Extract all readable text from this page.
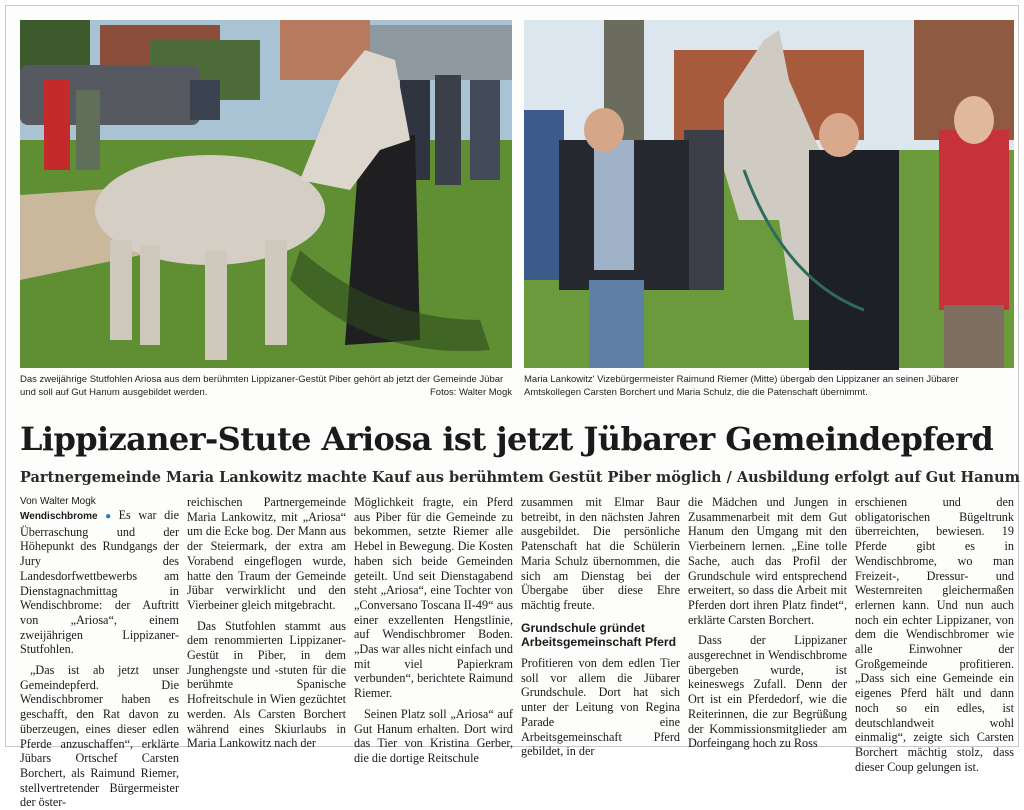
Das zweijährige Stutfohlen Ariosa aus dem berühmten Lippizaner-Gestüt Piber gehört ab jetzt der Gemeinde Jübar und soll auf Gut Hanum ausgebildet werden.	Fotos: Walter Mogk
Maria Lankowitz' Vizebürgermeister Raimund Riemer (Mitte) übergab den Lippizaner an seinen Jübarer Amtskollegen Carsten Borchert und Maria Schulz, die die Patenschaft übernimmt.
Lippizaner-Stute Ariosa ist jetzt Jübarer Gemeindepferd
Partnergemeinde Maria Lankowitz machte Kauf aus berühmtem Gestüt Piber möglich / Ausbildung erfolgt auf Gut Hanum
Von Walter Mogk

Wendischbrome ● Es war die Überraschung und der Höhepunkt des Rundgangs der Jury des Landesdorfwettbewerbs am Dienstagnachmittag in Wendischbrome: der Auftritt von „Ariosa“, einem zweijährigen Lippizaner-Stutfohlen.

„Das ist ab jetzt unser Gemeindepferd. Die Wendischbromer haben es geschafft, den Rat davon zu überzeugen, eines dieser edlen Pferde anzuschaffen“, erklärte Jübars Ortschef Carsten Borchert, als Raimund Riemer, stellvertretender Bürgermeister der öster-

reichischen Partnergemeinde Maria Lankowitz, mit „Ariosa“ um die Ecke bog. Der Mann aus der Steiermark, der extra am Vorabend eingeflogen wurde, hatte den Traum der Gemeinde Jübar verwirklicht und den Vierbeiner gleich mitgebracht.

Das Stutfohlen stammt aus dem renommierten Lippizaner-Gestüt in Piber, in dem Junghengste und -stuten für die berühmte Spanische Hofreitschule in Wien gezüchtet werden. Als Carsten Borchert während eines Skiurlaubs in Maria Lankowitz nach der

Möglichkeit fragte, ein Pferd aus Piber für die Gemeinde zu bekommen, setzte Riemer alle Hebel in Bewegung. Die Kosten haben sich beide Gemeinden geteilt. Und seit Dienstagabend steht „Ariosa“, eine Tochter von „Conversano Toscana II-49“ aus einer exzellenten Hengstlinie, auf Wendischbromer Boden. „Das war alles nicht einfach und mit viel Papierkram verbunden“, berichtete Raimund Riemer.

Seinen Platz soll „Ariosa“ auf Gut Hanum erhalten. Dort wird das Tier von Kristina Gerber, die die dortige Reitschule

zusammen mit Elmar Baur betreibt, in den nächsten Jahren ausgebildet. Die persönliche Patenschaft hat die Schülerin Maria Schulz übernommen, die sich am Dienstag bei der Übergabe über diese Ehre mächtig freute.

Grundschule gründet Arbeitsgemeinschaft Pferd

Profitieren von dem edlen Tier soll vor allem die Jübarer Grundschule. Dort hat sich unter der Leitung von Regina Parade eine Arbeitsgemeinschaft Pferd gebildet, in der

die Mädchen und Jungen in Zusammenarbeit mit dem Gut Hanum den Umgang mit den Vierbeinern lernen. „Eine tolle Sache, auch das Profil der Grundschule wird entsprechend erweitert, so dass die Arbeit mit Pferden dort ihren Platz findet“, erklärte Carsten Borchert.

Dass der Lippizaner ausgerechnet in Wendischbrome übergeben wurde, ist keineswegs Zufall. Denn der Ort ist ein Pferdedorf, wie die Reiterinnen, die zur Begrüßung der Kommissionsmitglieder am Dorfeingang hoch zu Ross

erschienen und den obligatorischen Bügeltrunk überreichten, bewiesen. 19 Pferde gibt es in Wendischbrome, wo man Freizeit-, Dressur- und Westernreiten gleichermaßen erlernen kann. Und nun auch noch ein echter Lippizaner, von dem die Wendischbromer wie alle Einwohner der Großgemeinde profitieren. „Dass sich eine Gemeinde ein eigenes Pferd hält und dann noch so ein edles, ist deutschlandweit wohl einmalig“, zeigte sich Carsten Borchert mächtig stolz, dass dieser Coup gelungen ist.
